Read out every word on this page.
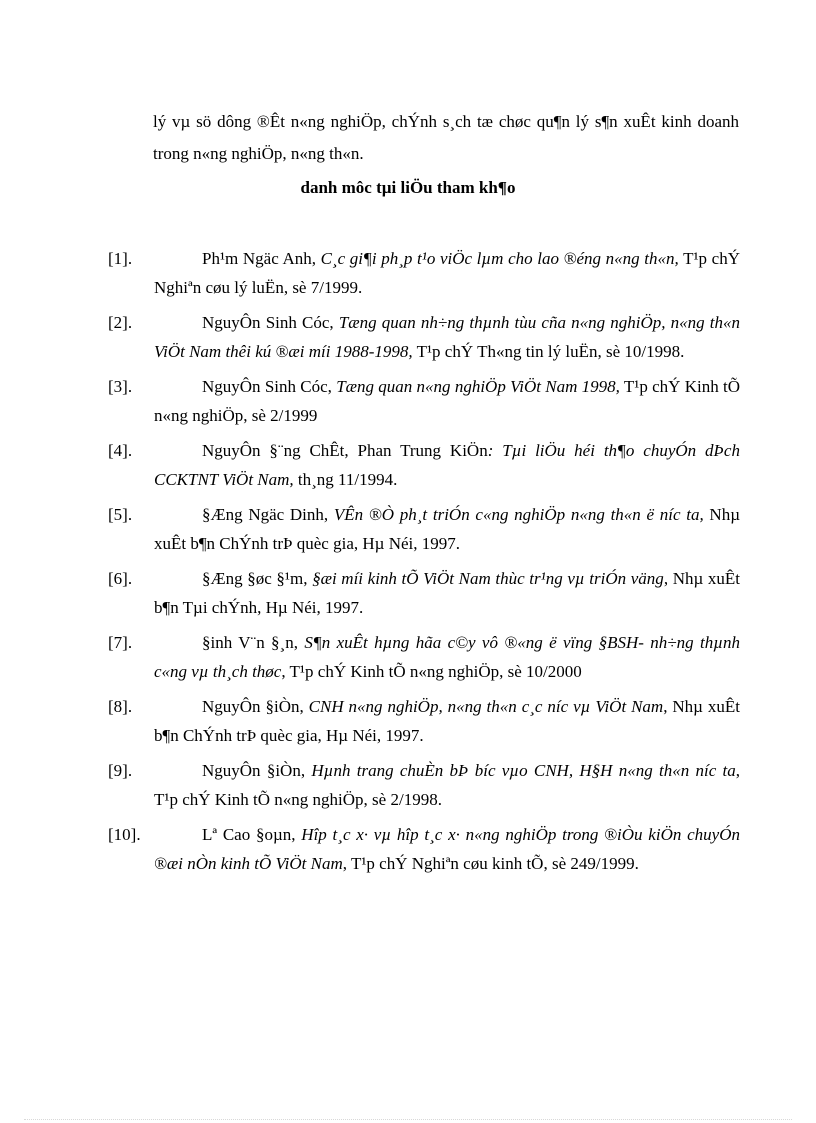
lý vµ sö dông ®Êt n«ng nghiÖp, chÝnh s¸ch tæ chøc qu¶n lý s¶n xuÊt kinh doanh trong n«ng nghiÖp, n«ng th«n.

danh môc tµi liÖu tham kh¶o
[1].	Ph¹m Ngäc Anh, C¸c gi¶i ph¸p t¹o viÖc lµm cho lao ®éng n«ng th«n, T¹p chÝ Nghiªn cøu lý luËn, sè 7/1999.
[2].	NguyÔn Sinh Cóc, Tæng quan nh÷ng thµnh tùu cña n«ng nghiÖp, n«ng th«n ViÖt Nam thêi kú ®æi míi 1988-1998, T¹p chÝ Th«ng tin lý luËn, sè 10/1998.
[3].	NguyÔn Sinh Cóc, Tæng quan n«ng nghiÖp ViÖt Nam 1998, T¹p chÝ Kinh tÕ n«ng nghiÖp, sè 2/1999
[4].	NguyÔn §¨ng ChÊt, Phan Trung KiÖn: Tµi liÖu héi th¶o chuyÓn dÞch CCKTNT ViÖt Nam, th¸ng 11/1994.
[5].	§Æng Ngäc Dinh, VÊn ®Ò ph¸t triÓn c«ng nghiÖp n«ng th«n ë níc ta, Nhµ xuÊt b¶n ChÝnh trÞ quèc gia, Hµ Néi, 1997.
[6].	§Æng §øc §¹m, §æi míi kinh tÕ ViÖt Nam thùc tr¹ng vµ triÓn väng, Nhµ xuÊt b¶n Tµi chÝnh, Hµ Néi, 1997.
[7].	§inh V¨n §¸n, S¶n xuÊt hµng hãa c©y vô ®«ng ë vïng §BSH- nh÷ng thµnh c«ng vµ th¸ch thøc, T¹p chÝ Kinh tÕ n«ng nghiÖp, sè 10/2000
[8].	NguyÔn §iÒn, CNH n«ng nghiÖp, n«ng th«n c¸c níc vµ ViÖt Nam, Nhµ xuÊt b¶n ChÝnh trÞ quèc gia, Hµ Néi, 1997.
[9].	NguyÔn §iÒn, Hµnh trang chuÈn bÞ bíc vµo CNH, H§H n«ng th«n níc ta, T¹p chÝ Kinh tÕ n«ng nghiÖp, sè 2/1998.
[10].	Lª Cao §oµn, Hîp t¸c x· vµ hîp t¸c x· n«ng nghiÖp trong ®iÒu kiÖn chuyÓn ®æi nÒn kinh tÕ ViÖt Nam, T¹p chÝ Nghiªn cøu kinh tÕ, sè 249/1999.
